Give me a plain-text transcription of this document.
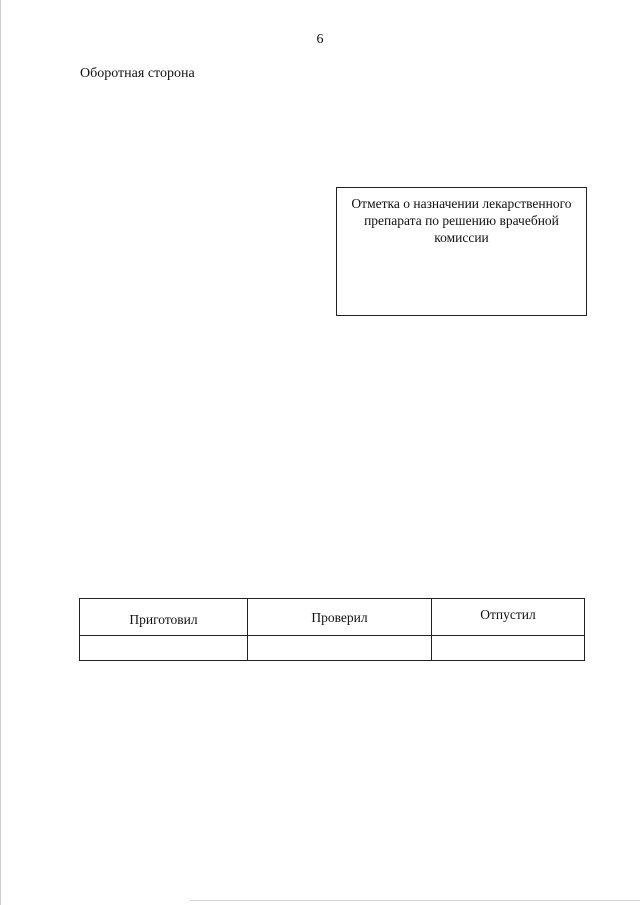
6
Оборотная сторона
Отметка о назначении лекарственного
препарата по решению врачебной комиссии
Приготовил	Проверил	Отпустил
